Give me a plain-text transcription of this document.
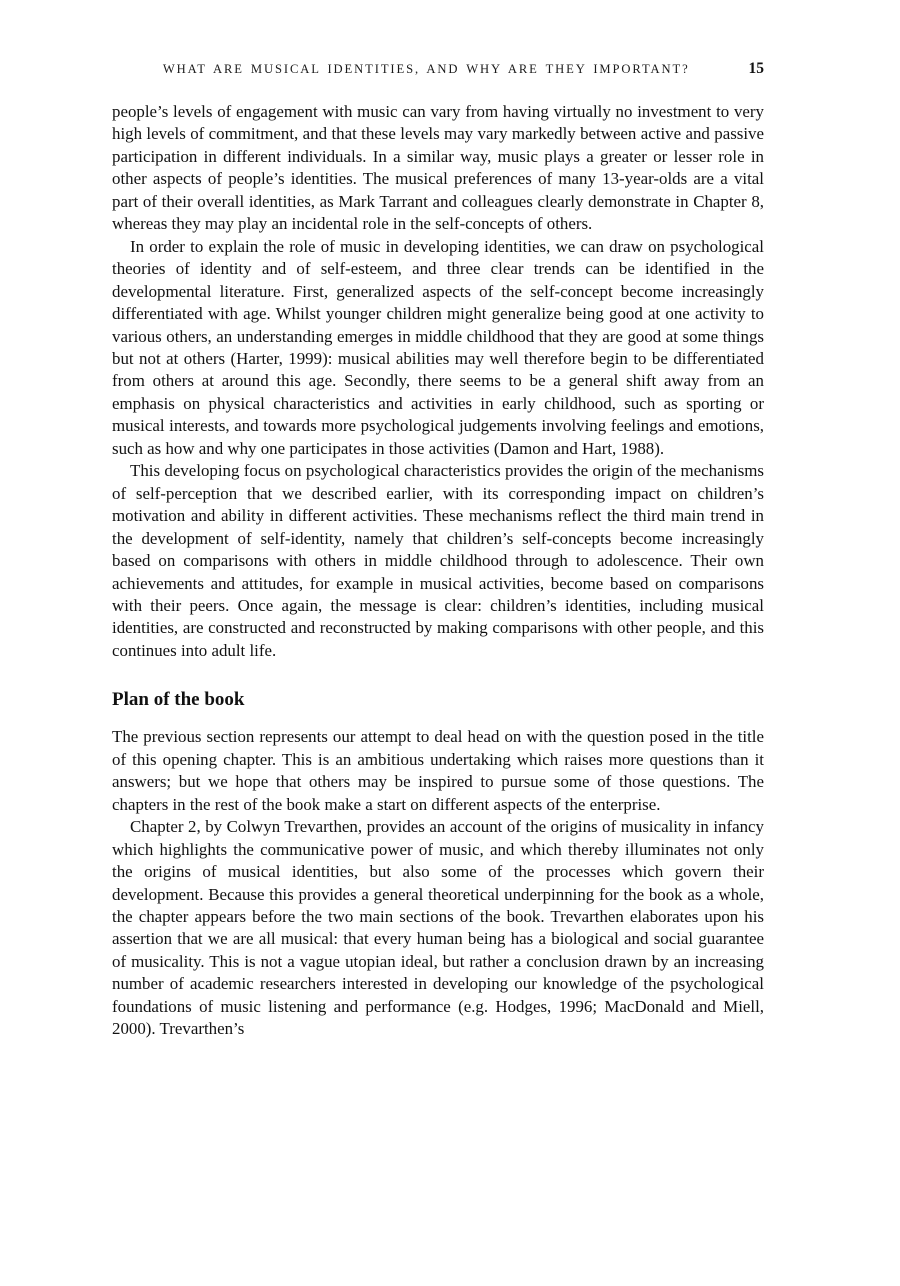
WHAT ARE MUSICAL IDENTITIES, AND WHY ARE THEY IMPORTANT?	15

people’s levels of engagement with music can vary from having virtually no investment to very high levels of commitment, and that these levels may vary markedly between active and passive participation in different individuals. In a similar way, music plays a greater or lesser role in other aspects of people’s identities. The musical preferences of many 13-year-olds are a vital part of their overall identities, as Mark Tarrant and colleagues clearly demonstrate in Chapter 8, whereas they may play an incidental role in the self-concepts of others.

In order to explain the role of music in developing identities, we can draw on psychological theories of identity and of self-esteem, and three clear trends can be identified in the developmental literature. First, generalized aspects of the self-concept become increasingly differentiated with age. Whilst younger children might generalize being good at one activity to various others, an understanding emerges in middle childhood that they are good at some things but not at others (Harter, 1999): musical abilities may well therefore begin to be differentiated from others at around this age. Secondly, there seems to be a general shift away from an emphasis on physical characteristics and activities in early childhood, such as sporting or musical interests, and towards more psychological judgements involving feelings and emotions, such as how and why one participates in those activities (Damon and Hart, 1988).

This developing focus on psychological characteristics provides the origin of the mechanisms of self-perception that we described earlier, with its corresponding impact on children’s motivation and ability in different activities. These mechanisms reflect the third main trend in the development of self-identity, namely that children’s self-concepts become increasingly based on comparisons with others in middle childhood through to adolescence. Their own achievements and attitudes, for example in musical activities, become based on comparisons with their peers. Once again, the message is clear: children’s identities, including musical identities, are constructed and reconstructed by making comparisons with other people, and this continues into adult life.

Plan of the book

The previous section represents our attempt to deal head on with the question posed in the title of this opening chapter. This is an ambitious undertaking which raises more questions than it answers; but we hope that others may be inspired to pursue some of those questions. The chapters in the rest of the book make a start on different aspects of the enterprise.

Chapter 2, by Colwyn Trevarthen, provides an account of the origins of musicality in infancy which highlights the communicative power of music, and which thereby illuminates not only the origins of musical identities, but also some of the processes which govern their development. Because this provides a general theoretical underpinning for the book as a whole, the chapter appears before the two main sections of the book. Trevarthen elaborates upon his assertion that we are all musical: that every human being has a biological and social guarantee of musicality. This is not a vague utopian ideal, but rather a conclusion drawn by an increasing number of academic researchers interested in developing our knowledge of the psychological foundations of music listening and performance (e.g. Hodges, 1996; MacDonald and Miell, 2000). Trevarthen’s
